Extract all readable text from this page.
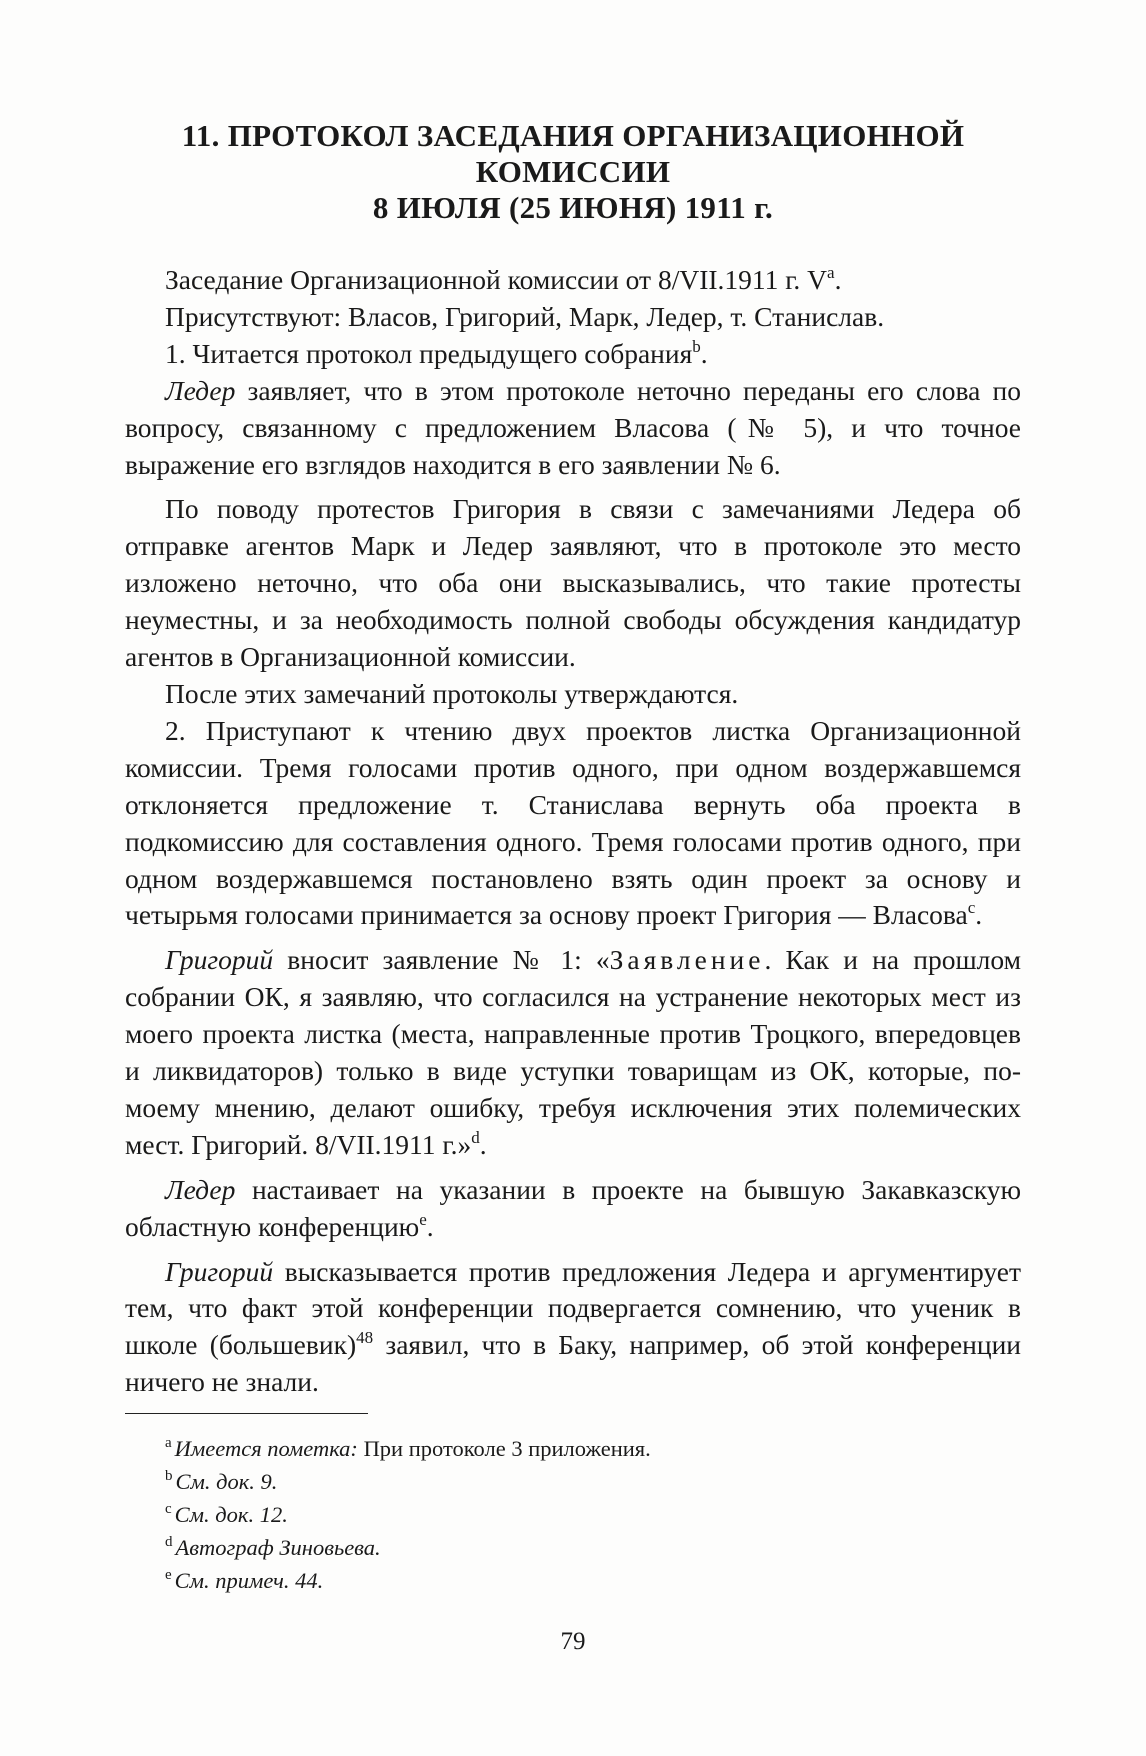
11. ПРОТОКОЛ ЗАСЕДАНИЯ ОРГАНИЗАЦИОННОЙ
КОМИССИИ
8 ИЮЛЯ (25 ИЮНЯ) 1911 г.

Заседание Организационной комиссии от 8/VII.1911 г. $V^a$.

Присутствуют: Власов, Григорий, Марк, Ледер, т. Станислав.

1. Читается протокол предыдущего собрания$^b$.

Ледер заявляет, что в этом протоколе неточно переданы его слова по вопросу, связанному с предложением Власова (№ 5), и что точное выражение его взглядов находится в его заявлении № 6.

По поводу протестов Григория в связи с замечаниями Ледера об отправке агентов Марк и Ледер заявляют, что в протоколе это место изложено неточно, что оба они высказывались, что такие протесты неуместны, и за необходимость полной свободы обсуждения кандидатур агентов в Организационной комиссии.

После этих замечаний протоколы утверждаются.

2. Приступают к чтению двух проектов листка Организационной комиссии. Тремя голосами против одного, при одном воздержавшемся отклоняется предложение т. Станислава вернуть оба проекта в подкомиссию для составления одного. Тремя голосами против одного, при одном воздержавшемся постановлено взять один проект за основу и четырьмя голосами принимается за основу проект Григория — Власова$^c$.

Григорий вносит заявление № 1: «Заявление. Как и на прошлом собрании ОК, я заявляю, что согласился на устранение некоторых мест из моего проекта листка (места, направленные против Троцкого, впередовцев и ликвидаторов) только в виде уступки товарищам из ОК, которые, по-моему мнению, делают ошибку, требуя исключения этих полемических мест. Григорий. 8/VII.1911 г.»$^d$.

Ледер настаивает на указании в проекте на бывшую Закавказскую областную конференцию$^e$.

Григорий высказывается против предложения Ледера и аргументирует тем, что факт этой конференции подвергается сомнению, что ученик в школе (большевик)$^{48}$ заявил, что в Баку, например, об этой конференции ничего не знали.

$^a$ Имеется пометка: При протоколе 3 приложения.
$^b$ См. док. 9.
$^c$ См. док. 12.
$^d$ Автограф Зиновьева.
$^e$ См. примеч. 44.
79
